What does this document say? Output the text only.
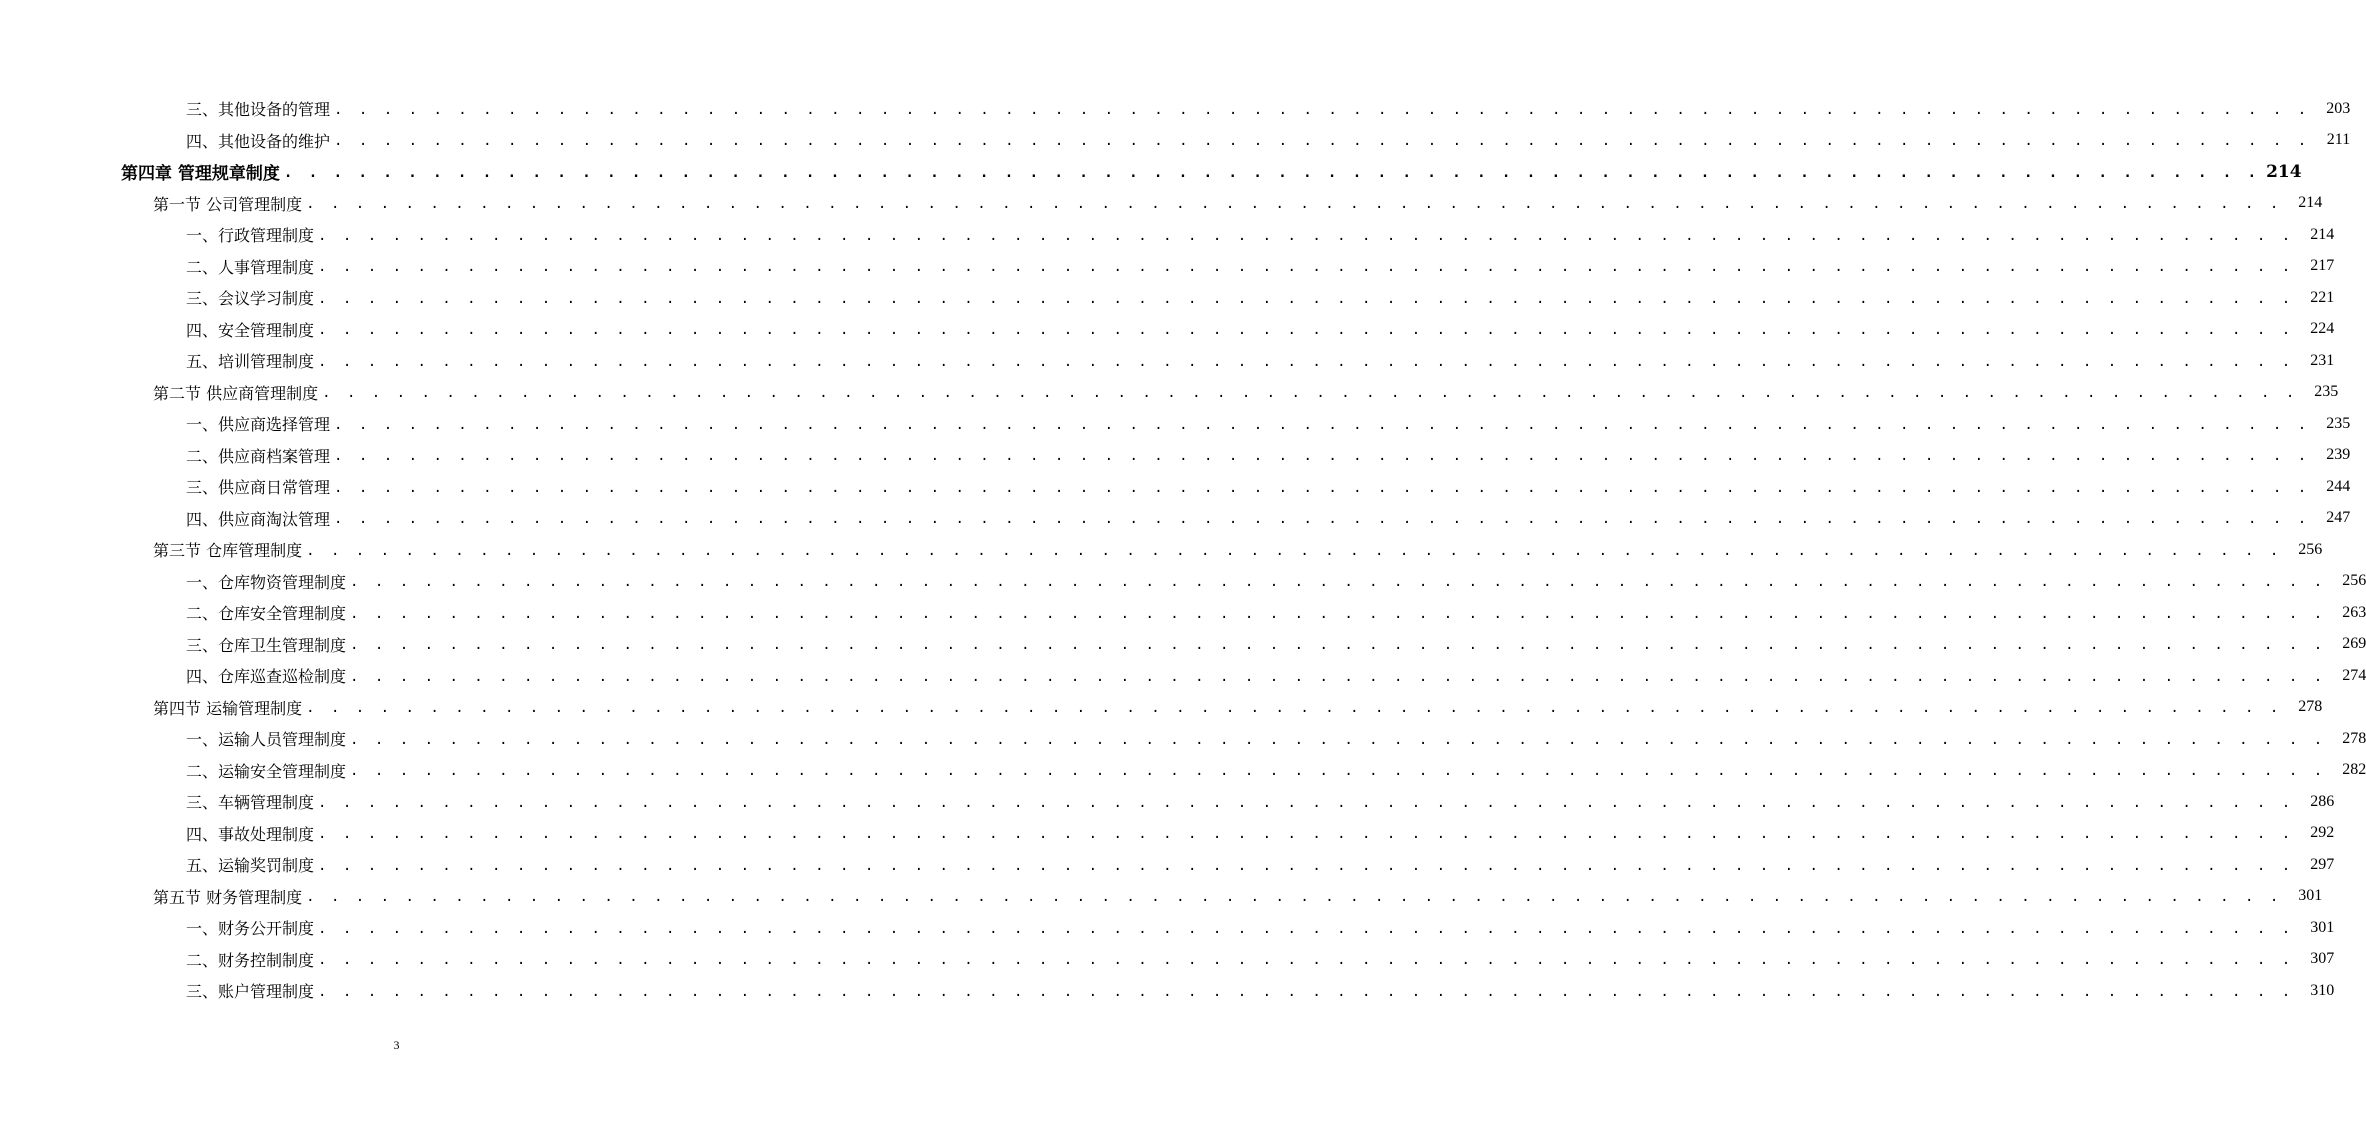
三、其他设备的管理 . . . . . . . . . . . . . . . . . . . . . . . . . . . . . . . . . . . . . . . . . . . . . . . . . . . . . . . . . . . . . . . . . . . . . . . . . . . . . . . .	203
四、其他设备的维护 . . . . . . . . . . . . . . . . . . . . . . . . . . . . . . . . . . . . . . . . . . . . . . . . . . . . . . . . . . . . . . . . . . . . . . . . . . . . . . . .	211
第四章 管理规章制度 . . . . . . . . . . . . . . . . . . . . . . . . . . . . . . . . . . . . . . . . . . . . . . . . . . . . . . . . . . . . . . . . . . . . . . . . . . . . . . . . 214
第一节 公司管理制度 . . . . . . . . . . . . . . . . . . . . . . . . . . . . . . . . . . . . . . . . . . . . . . . . . . . . . . . . . . . . . . . . . . . . . . . . . . . . . . . .	214
一、行政管理制度 . . . . . . . . . . . . . . . . . . . . . . . . . . . . . . . . . . . . . . . . . . . . . . . . . . . . . . . . . . . . . . . . . . . . . . . . . . . . . . . .	214
二、人事管理制度 . . . . . . . . . . . . . . . . . . . . . . . . . . . . . . . . . . . . . . . . . . . . . . . . . . . . . . . . . . . . . . . . . . . . . . . . . . . . . . . .	217
三、会议学习制度 . . . . . . . . . . . . . . . . . . . . . . . . . . . . . . . . . . . . . . . . . . . . . . . . . . . . . . . . . . . . . . . . . . . . . . . . . . . . . . . .	221
四、安全管理制度 . . . . . . . . . . . . . . . . . . . . . . . . . . . . . . . . . . . . . . . . . . . . . . . . . . . . . . . . . . . . . . . . . . . . . . . . . . . . . . . .	224
五、培训管理制度 . . . . . . . . . . . . . . . . . . . . . . . . . . . . . . . . . . . . . . . . . . . . . . . . . . . . . . . . . . . . . . . . . . . . . . . . . . . . . . . .	231
第二节 供应商管理制度 . . . . . . . . . . . . . . . . . . . . . . . . . . . . . . . . . . . . . . . . . . . . . . . . . . . . . . . . . . . . . . . . . . . . . . . . . . . . . . . .	235
一、供应商选择管理 . . . . . . . . . . . . . . . . . . . . . . . . . . . . . . . . . . . . . . . . . . . . . . . . . . . . . . . . . . . . . . . . . . . . . . . . . . . . . . . .	235
二、供应商档案管理 . . . . . . . . . . . . . . . . . . . . . . . . . . . . . . . . . . . . . . . . . . . . . . . . . . . . . . . . . . . . . . . . . . . . . . . . . . . . . . . .	239
三、供应商日常管理 . . . . . . . . . . . . . . . . . . . . . . . . . . . . . . . . . . . . . . . . . . . . . . . . . . . . . . . . . . . . . . . . . . . . . . . . . . . . . . . .	244
四、供应商淘汰管理 . . . . . . . . . . . . . . . . . . . . . . . . . . . . . . . . . . . . . . . . . . . . . . . . . . . . . . . . . . . . . . . . . . . . . . . . . . . . . . . .	247
第三节 仓库管理制度 . . . . . . . . . . . . . . . . . . . . . . . . . . . . . . . . . . . . . . . . . . . . . . . . . . . . . . . . . . . . . . . . . . . . . . . . . . . . . . . .	256
一、仓库物资管理制度 . . . . . . . . . . . . . . . . . . . . . . . . . . . . . . . . . . . . . . . . . . . . . . . . . . . . . . . . . . . . . . . . . . . . . . . . . . . . . . . .	256
二、仓库安全管理制度 . . . . . . . . . . . . . . . . . . . . . . . . . . . . . . . . . . . . . . . . . . . . . . . . . . . . . . . . . . . . . . . . . . . . . . . . . . . . . . . .	263
三、仓库卫生管理制度 . . . . . . . . . . . . . . . . . . . . . . . . . . . . . . . . . . . . . . . . . . . . . . . . . . . . . . . . . . . . . . . . . . . . . . . . . . . . . . . .	269
四、仓库巡查巡检制度 . . . . . . . . . . . . . . . . . . . . . . . . . . . . . . . . . . . . . . . . . . . . . . . . . . . . . . . . . . . . . . . . . . . . . . . . . . . . . . . .	274
第四节 运输管理制度 . . . . . . . . . . . . . . . . . . . . . . . . . . . . . . . . . . . . . . . . . . . . . . . . . . . . . . . . . . . . . . . . . . . . . . . . . . . . . . . .	278
一、运输人员管理制度 . . . . . . . . . . . . . . . . . . . . . . . . . . . . . . . . . . . . . . . . . . . . . . . . . . . . . . . . . . . . . . . . . . . . . . . . . . . . . . . .	278
二、运输安全管理制度 . . . . . . . . . . . . . . . . . . . . . . . . . . . . . . . . . . . . . . . . . . . . . . . . . . . . . . . . . . . . . . . . . . . . . . . . . . . . . . . .	282
三、车辆管理制度 . . . . . . . . . . . . . . . . . . . . . . . . . . . . . . . . . . . . . . . . . . . . . . . . . . . . . . . . . . . . . . . . . . . . . . . . . . . . . . . .	286
四、事故处理制度 . . . . . . . . . . . . . . . . . . . . . . . . . . . . . . . . . . . . . . . . . . . . . . . . . . . . . . . . . . . . . . . . . . . . . . . . . . . . . . . .	292
五、运输奖罚制度 . . . . . . . . . . . . . . . . . . . . . . . . . . . . . . . . . . . . . . . . . . . . . . . . . . . . . . . . . . . . . . . . . . . . . . . . . . . . . . . .	297
第五节 财务管理制度 . . . . . . . . . . . . . . . . . . . . . . . . . . . . . . . . . . . . . . . . . . . . . . . . . . . . . . . . . . . . . . . . . . . . . . . . . . . . . . . .	301
一、财务公开制度 . . . . . . . . . . . . . . . . . . . . . . . . . . . . . . . . . . . . . . . . . . . . . . . . . . . . . . . . . . . . . . . . . . . . . . . . . . . . . . . .	301
二、财务控制制度 . . . . . . . . . . . . . . . . . . . . . . . . . . . . . . . . . . . . . . . . . . . . . . . . . . . . . . . . . . . . . . . . . . . . . . . . . . . . . . . .	307
三、账户管理制度 . . . . . . . . . . . . . . . . . . . . . . . . . . . . . . . . . . . . . . . . . . . . . . . . . . . . . . . . . . . . . . . . . . . . . . . . . . . . . . . .	310
3
